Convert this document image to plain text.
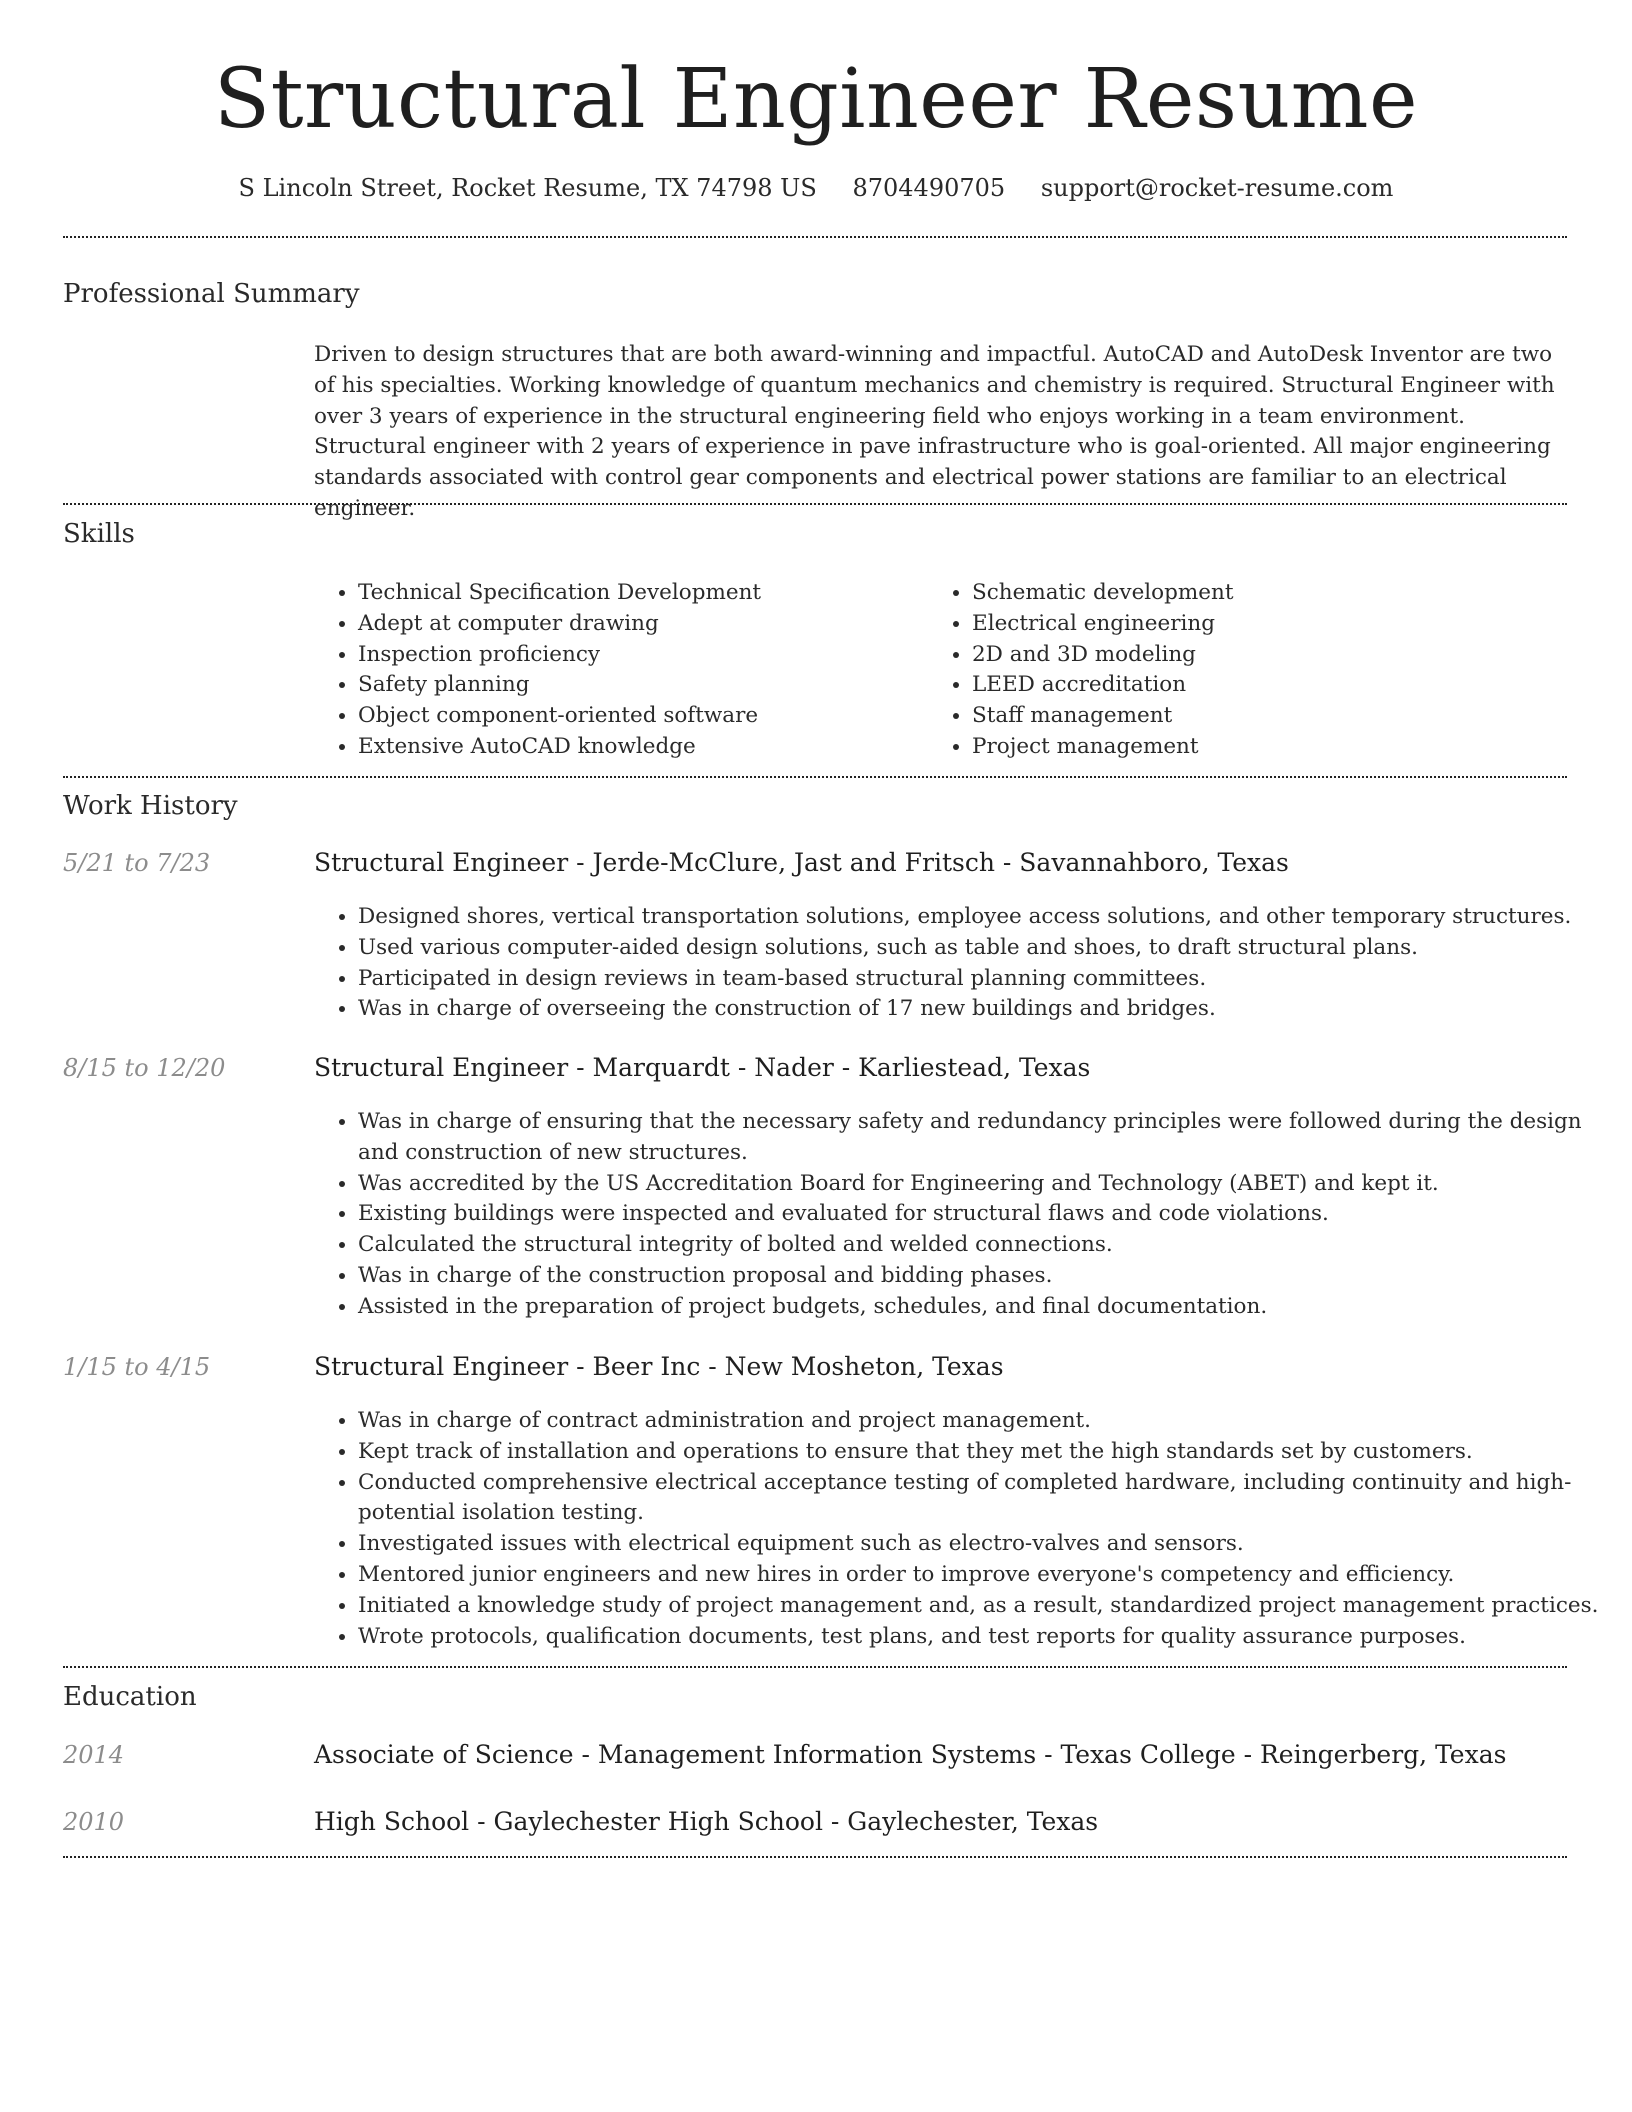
Structural Engineer Resume
S Lincoln Street, Rocket Resume, TX 74798 US 8704490705 support@rocket-resume.com
Professional Summary
Driven to design structures that are both award-winning and impactful. AutoCAD and AutoDesk Inventor are two of his specialties. Working knowledge of quantum mechanics and chemistry is required. Structural Engineer with over 3 years of experience in the structural engineering field who enjoys working in a team environment. Structural engineer with 2 years of experience in pave infrastructure who is goal-oriented. All major engineering standards associated with control gear components and electrical power stations are familiar to an electrical engineer.
Skills
• Technical Specification Development
• Adept at computer drawing
• Inspection proficiency
• Safety planning
• Object component-oriented software
• Extensive AutoCAD knowledge
• Schematic development
• Electrical engineering
• 2D and 3D modeling
• LEED accreditation
• Staff management
• Project management
Work History
5/21 to 7/23	Structural Engineer - Jerde-McClure, Jast and Fritsch - Savannahboro, Texas
• Designed shores, vertical transportation solutions, employee access solutions, and other temporary structures.
• Used various computer-aided design solutions, such as table and shoes, to draft structural plans.
• Participated in design reviews in team-based structural planning committees.
• Was in charge of overseeing the construction of 17 new buildings and bridges.
8/15 to 12/20	Structural Engineer - Marquardt - Nader - Karliestead, Texas
• Was in charge of ensuring that the necessary safety and redundancy principles were followed during the design and construction of new structures.
• Was accredited by the US Accreditation Board for Engineering and Technology (ABET) and kept it.
• Existing buildings were inspected and evaluated for structural flaws and code violations.
• Calculated the structural integrity of bolted and welded connections.
• Was in charge of the construction proposal and bidding phases.
• Assisted in the preparation of project budgets, schedules, and final documentation.
1/15 to 4/15	Structural Engineer - Beer Inc - New Mosheton, Texas
• Was in charge of contract administration and project management.
• Kept track of installation and operations to ensure that they met the high standards set by customers.
• Conducted comprehensive electrical acceptance testing of completed hardware, including continuity and high-potential isolation testing.
• Investigated issues with electrical equipment such as electro-valves and sensors.
• Mentored junior engineers and new hires in order to improve everyone's competency and efficiency.
• Initiated a knowledge study of project management and, as a result, standardized project management practices.
• Wrote protocols, qualification documents, test plans, and test reports for quality assurance purposes.
Education
2014	Associate of Science - Management Information Systems - Texas College - Reingerberg, Texas
2010	High School - Gaylechester High School - Gaylechester, Texas
